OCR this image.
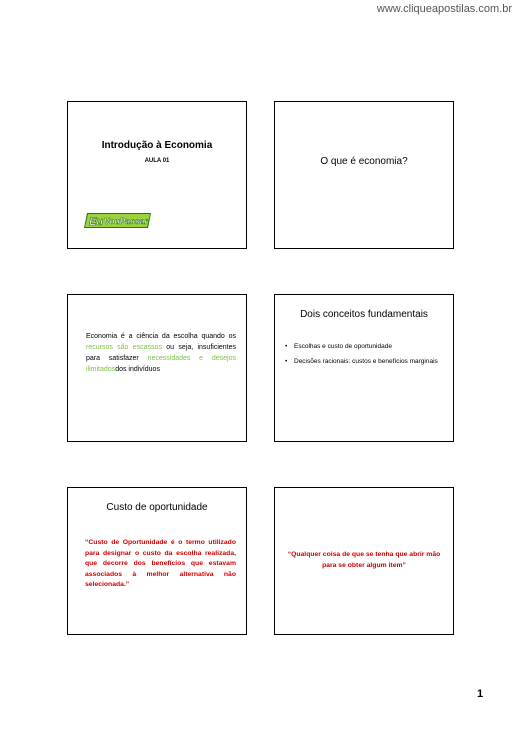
www.cliqueapostilas.com.br
Introdução à Economia
AULA 01
Eu VouPassar
O que é economia?
Economia é a ciência da escolha quando os recursos são escassos ou seja, insuficientes para satisfazer necessidades e desejos ilimitadosdos indivíduos
Dois conceitos fundamentais
• Escolhas e custo de oportunidade
• Decisões racionais: custos e benefícios marginais
Custo de oportunidade
“Custo de Oportunidade é o termo utilizado para designar o custo da escolha realizada, que decorre dos benefícios que estavam associados à melhor alternativa não selecionada.”
“Qualquer coisa de que se tenha que abrir mão para se obter algum item”
1
